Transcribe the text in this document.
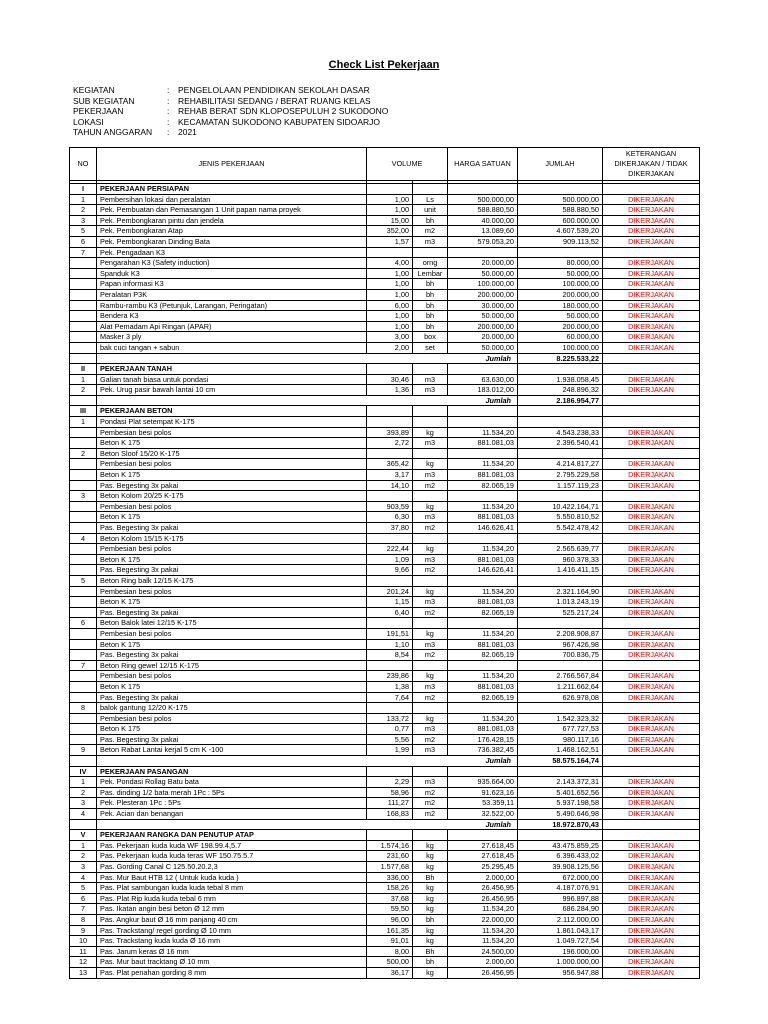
Check List Pekerjaan
KEGIATAN	:	PENGELOLAAN PENDIDIKAN SEKOLAH DASAR
SUB KEGIATAN	:	REHABILITASI SEDANG / BERAT RUANG KELAS
PEKERJAAN	:	REHAB BERAT SDN KLOPOSEPULUH 2 SUKODONO
LOKASI	:	KECAMATAN SUKODONO KABUPATEN SIDOARJO
TAHUN ANGGARAN	:	2021
NO	JENIS PEKERJAAN	VOLUME		HARGA SATUAN	JUMLAH	KETERANGAN DIKERJAKAN / TIDAK DIKERJAKAN

I	PEKERJAAN PERSIAPAN					
1	Pembersihan lokasi dan peralatan	1,00	Ls	500.000,00	500.000,00	DIKERJAKAN
2	Pek. Pembuatan dan Pemasangan 1 Unit papan nama proyek	1,00	unit	588.880,50	588.880,50	DIKERJAKAN
3	Pek. Pembongkaran pintu dan jendela	15,00	bh	40.000,00	600.000,00	DIKERJAKAN
5	Pek. Pembongkaran Atap	352,00	m2	13.089,60	4.607.539,20	DIKERJAKAN
6	Pek. Pembongkaran Dinding Bata	1,57	m3	579.053,20	909.113,52	DIKERJAKAN
7	Pek. Pengadaan K3					
	Pengarahan K3 (Safety induction)	4,00	orng	20.000,00	80.000,00	DIKERJAKAN
	Spanduk K3	1,00	Lembar	50.000,00	50.000,00	DIKERJAKAN
	Papan informasi K3	1,00	bh	100.000,00	100.000,00	DIKERJAKAN
	Peralatan P3K	1,00	bh	200.000,00	200.000,00	DIKERJAKAN
	Rambu-rambu K3 (Petunjuk, Larangan, Peringatan)	6,00	bh	30.000,00	180.000,00	DIKERJAKAN
	Bendera K3	1,00	bh	50.000,00	50.000,00	DIKERJAKAN
	Alat Pemadam Api Ringan (APAR)	1,00	bh	200.000,00	200.000,00	DIKERJAKAN
	Masker 3 ply	3,00	box	20.000,00	60.000,00	DIKERJAKAN
	bak cuci tangan + sabun	2,00	set	50.000,00	100.000,00	DIKERJAKAN
	Jumlah				8.225.533,22	
II	PEKERJAAN TANAH					
1	Galian tanah biasa untuk pondasi	30,46	m3	63.630,00	1.938.058,45	DIKERJAKAN
2	Pek. Urug pasir bawah lantai 10 cm	1,36	m3	183.012,00	248.896,32	DIKERJAKAN
	Jumlah				2.186.954,77	
III	PEKERJAAN BETON					
1	Pondasi Plat setempat K-175					
	Pembesian besi polos	393,89	kg	11.534,20	4.543.238,33	DIKERJAKAN
	Beton K 175	2,72	m3	881.081,03	2.396.540,41	DIKERJAKAN
2	Beton Sloof 15/20 K-175					
	Pembesian besi polos	365,42	kg	11.534,20	4.214.817,27	DIKERJAKAN
	Beton K 175	3,17	m3	881.081,03	2.795.229,58	DIKERJAKAN
	Pas. Begesting 3x pakai	14,10	m2	82.065,19	1.157.119,23	DIKERJAKAN
3	Beton Kolom 20/25 K-175					
	Pembesian besi polos	903,59	kg	11.534,20	10.422.164,71	DIKERJAKAN
	Beton K 175	6,30	m3	881.081,03	5.550.810,52	DIKERJAKAN
	Pas. Begesting 3x pakai	37,80	m2	146.626,41	5.542.478,42	DIKERJAKAN
4	Beton Kolom 15/15 K-175					
	Pembesian besi polos	222,44	kg	11.534,20	2.565.639,77	DIKERJAKAN
	Beton K 175	1,09	m3	881.081,03	960.378,33	DIKERJAKAN
	Pas. Begesting 3x pakai	9,66	m2	146.626,41	1.416.411,15	DIKERJAKAN
5	Beton Ring balk 12/15 K-175					
	Pembesian besi polos	201,24	kg	11.534,20	2.321.164,90	DIKERJAKAN
	Beton K 175	1,15	m3	881.081,03	1.013.243,19	DIKERJAKAN
	Pas. Begesting 3x pakai	6,40	m2	82.065,19	525.217,24	DIKERJAKAN
6	Beton Balok latei 12/15 K-175					
	Pembesian besi polos	191,51	kg	11.534,20	2.208.908,87	DIKERJAKAN
	Beton K 175	1,10	m3	881.081,03	967.426,98	DIKERJAKAN
	Pas. Begesting 3x pakai	8,54	m2	82.065,19	700.836,75	DIKERJAKAN
7	Beton Ring gewel 12/15 K-175					
	Pembesian besi polos	239,86	kg	11.534,20	2.766.567,84	DIKERJAKAN
	Beton K 175	1,38	m3	881.081,03	1.211.662,64	DIKERJAKAN
	Pas. Begesting 3x pakai	7,64	m2	82.065,19	626.978,08	DIKERJAKAN
8	balok gantung 12/20 K-175					
	Pembesian besi polos	133,72	kg	11.534,20	1.542.323,32	DIKERJAKAN
	Beton K 175	0,77	m3	881.081,03	677.727,53	DIKERJAKAN
	Pas. Begesting 3x pakai	5,56	m2	176.428,15	980.117,16	DIKERJAKAN
9	Beton Rabat Lantai kerjal 5 cm K -100	1,99	m3	736.382,45	1.468.162,51	DIKERJAKAN
	Jumlah				58.575.164,74	
IV	PEKERJAAN PASANGAN					
1	Pek. Pondasi Rollag Batu bata	2,29	m3	935.664,00	2.143.372,31	DIKERJAKAN
2	Pas. dinding 1/2 bata merah 1Pc : 5Ps	58,96	m2	91.623,16	5.401.652,56	DIKERJAKAN
3	Pek. Plesteran 1Pc : 5Ps	111,27	m2	53.359,11	5.937.198,58	DIKERJAKAN
4	Pek. Acian dan benangan	168,83	m2	32.522,00	5.490.646,98	DIKERJAKAN
	Jumlah				18.972.870,43	
V	PEKERJAAN RANGKA DAN PENUTUP ATAP					
1	Pas. Pekerjaan kuda kuda WF 198.99.4,5.7	1.574,16	kg	27.618,45	43.475.859,25	DIKERJAKAN
2	Pas. Pekerjaan kuda kuda teras WF 150.75.5.7	231,60	kg	27.618,45	6.396.433,02	DIKERJAKAN
3	Pas. Gording Canal C 125.50.20.2,3	1.577,68	kg	25.295,45	39.908.125,56	DIKERJAKAN
4	Pas. Mur Baut HTB 12 ( Untuk kuda kuda )	336,00	Bh	2.000,00	672.000,00	DIKERJAKAN
5	Pas. Plat sambungan kuda kuda tebal 8 mm	158,26	kg	26.456,95	4.187.076,91	DIKERJAKAN
6	Pas. Plat Rip kuda kuda tebal 6 mm	37,68	kg	26.456,95	996.897,88	DIKERJAKAN
7	Pas. Ikatan angin besi beton Ø 12 mm	59,50	kg	11.534,20	686.284,90	DIKERJAKAN
8	Pas. Angkur baut Ø 16 mm panjang 40 cm	96,00	bh	22.000,00	2.112.000,00	DIKERJAKAN
9	Pas. Trackstang/ regel gording Ø 10 mm	161,35	kg	11.534,20	1.861.043,17	DIKERJAKAN
10	Pas. Trackstang kuda kuda Ø 16 mm	91,01	kg	11.534,20	1.049.727,54	DIKERJAKAN
11	Pas. Jarum keras Ø 16 mm	8,00	Bh	24.500,00	196.000,00	DIKERJAKAN
12	Pas. Mur baut tracktang Ø 10 mm	500,00	bh	2.000,00	1.000.000,00	DIKERJAKAN
13	Pas. Plat penahan gording 8 mm	36,17	kg	26.456,95	956.947,88	DIKERJAKAN
